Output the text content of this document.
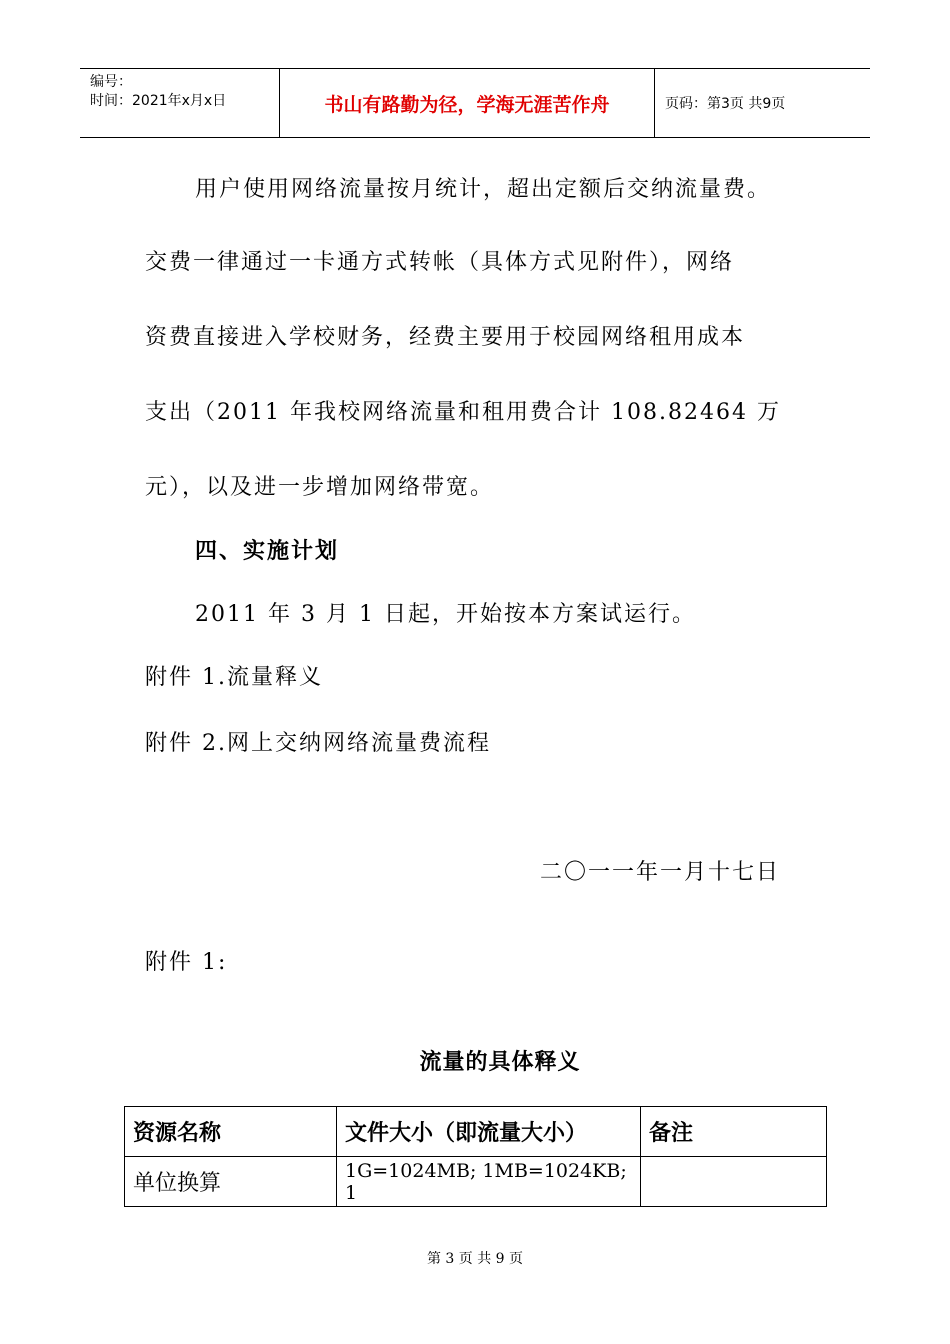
编号：
时间：2021年x月x日	书山有路勤为径，学海无涯苦作舟	页码：第3页 共9页
用户使用网络流量按月统计，超出定额后交纳流量费。
交费一律通过一卡通方式转帐（具体方式见附件），网络
资费直接进入学校财务，经费主要用于校园网络租用成本
支出（2011 年我校网络流量和租用费合计 108.82464 万
元），以及进一步增加网络带宽。
四、实施计划
2011 年 3 月 1 日起，开始按本方案试运行。
附件 1.流量释义
附件 2.网上交纳网络流量费流程
二〇一一年一月十七日
附件 1:
流量的具体释义
资源名称	文件大小（即流量大小）	备注
单位换算	1G=1024MB; 1MB=1024KB; 1	
第 3 页 共 9 页
